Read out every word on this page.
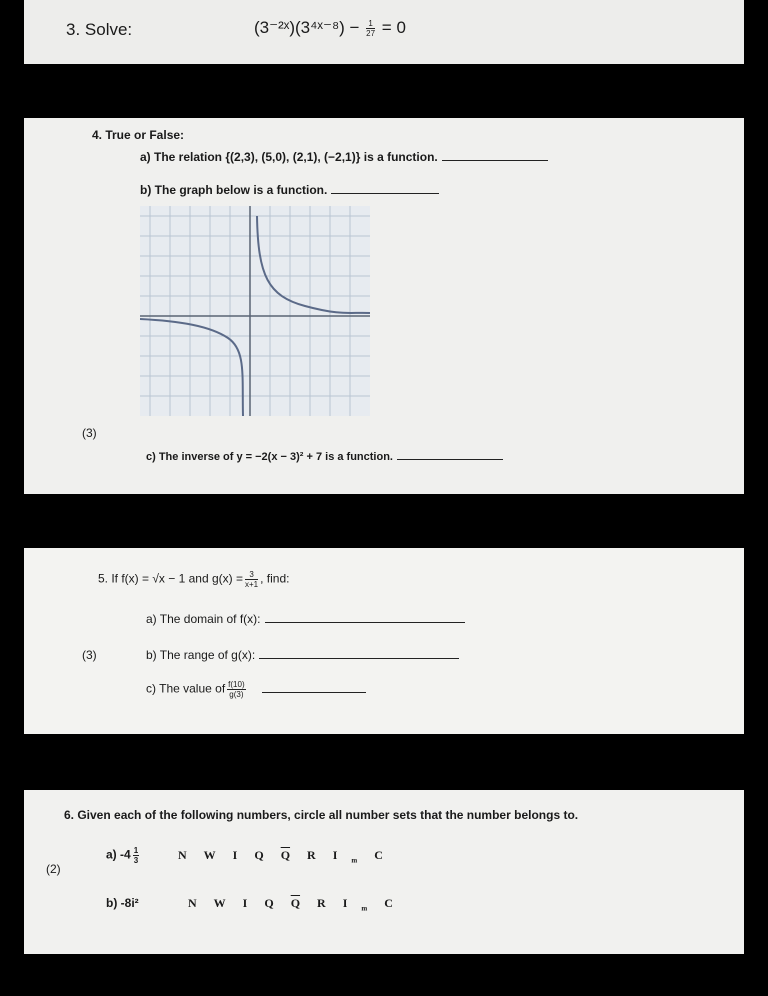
3. Solve:	(3⁻²ˣ)(3⁴ˣ⁻⁸) − $\frac{1}{27} = 0$
4. True or False:
a) The relation {(2,3), (5,0), (2,1), (−2,1)} is a function.
b) The graph below is a function.
(3)
c) The inverse of y = −2(x − 3)² + 7 is a function.
5. If f(x) = √x − 1 and $g(x) = \frac{3}{x+1}$ , find:
a) The domain of f(x):
(3)	b) The range of g(x):
c) The value of $\frac{f(10)}{g(3)}$
6. Given each of the following numbers, circle all number sets that the number belongs to.
(2)
a) $-4 \frac{1}{3}$	N W I Q $\overline{Q}$ R I $_m$ C
b) -8i²	N W I Q $\overline{Q}$ R I $_m$ C
